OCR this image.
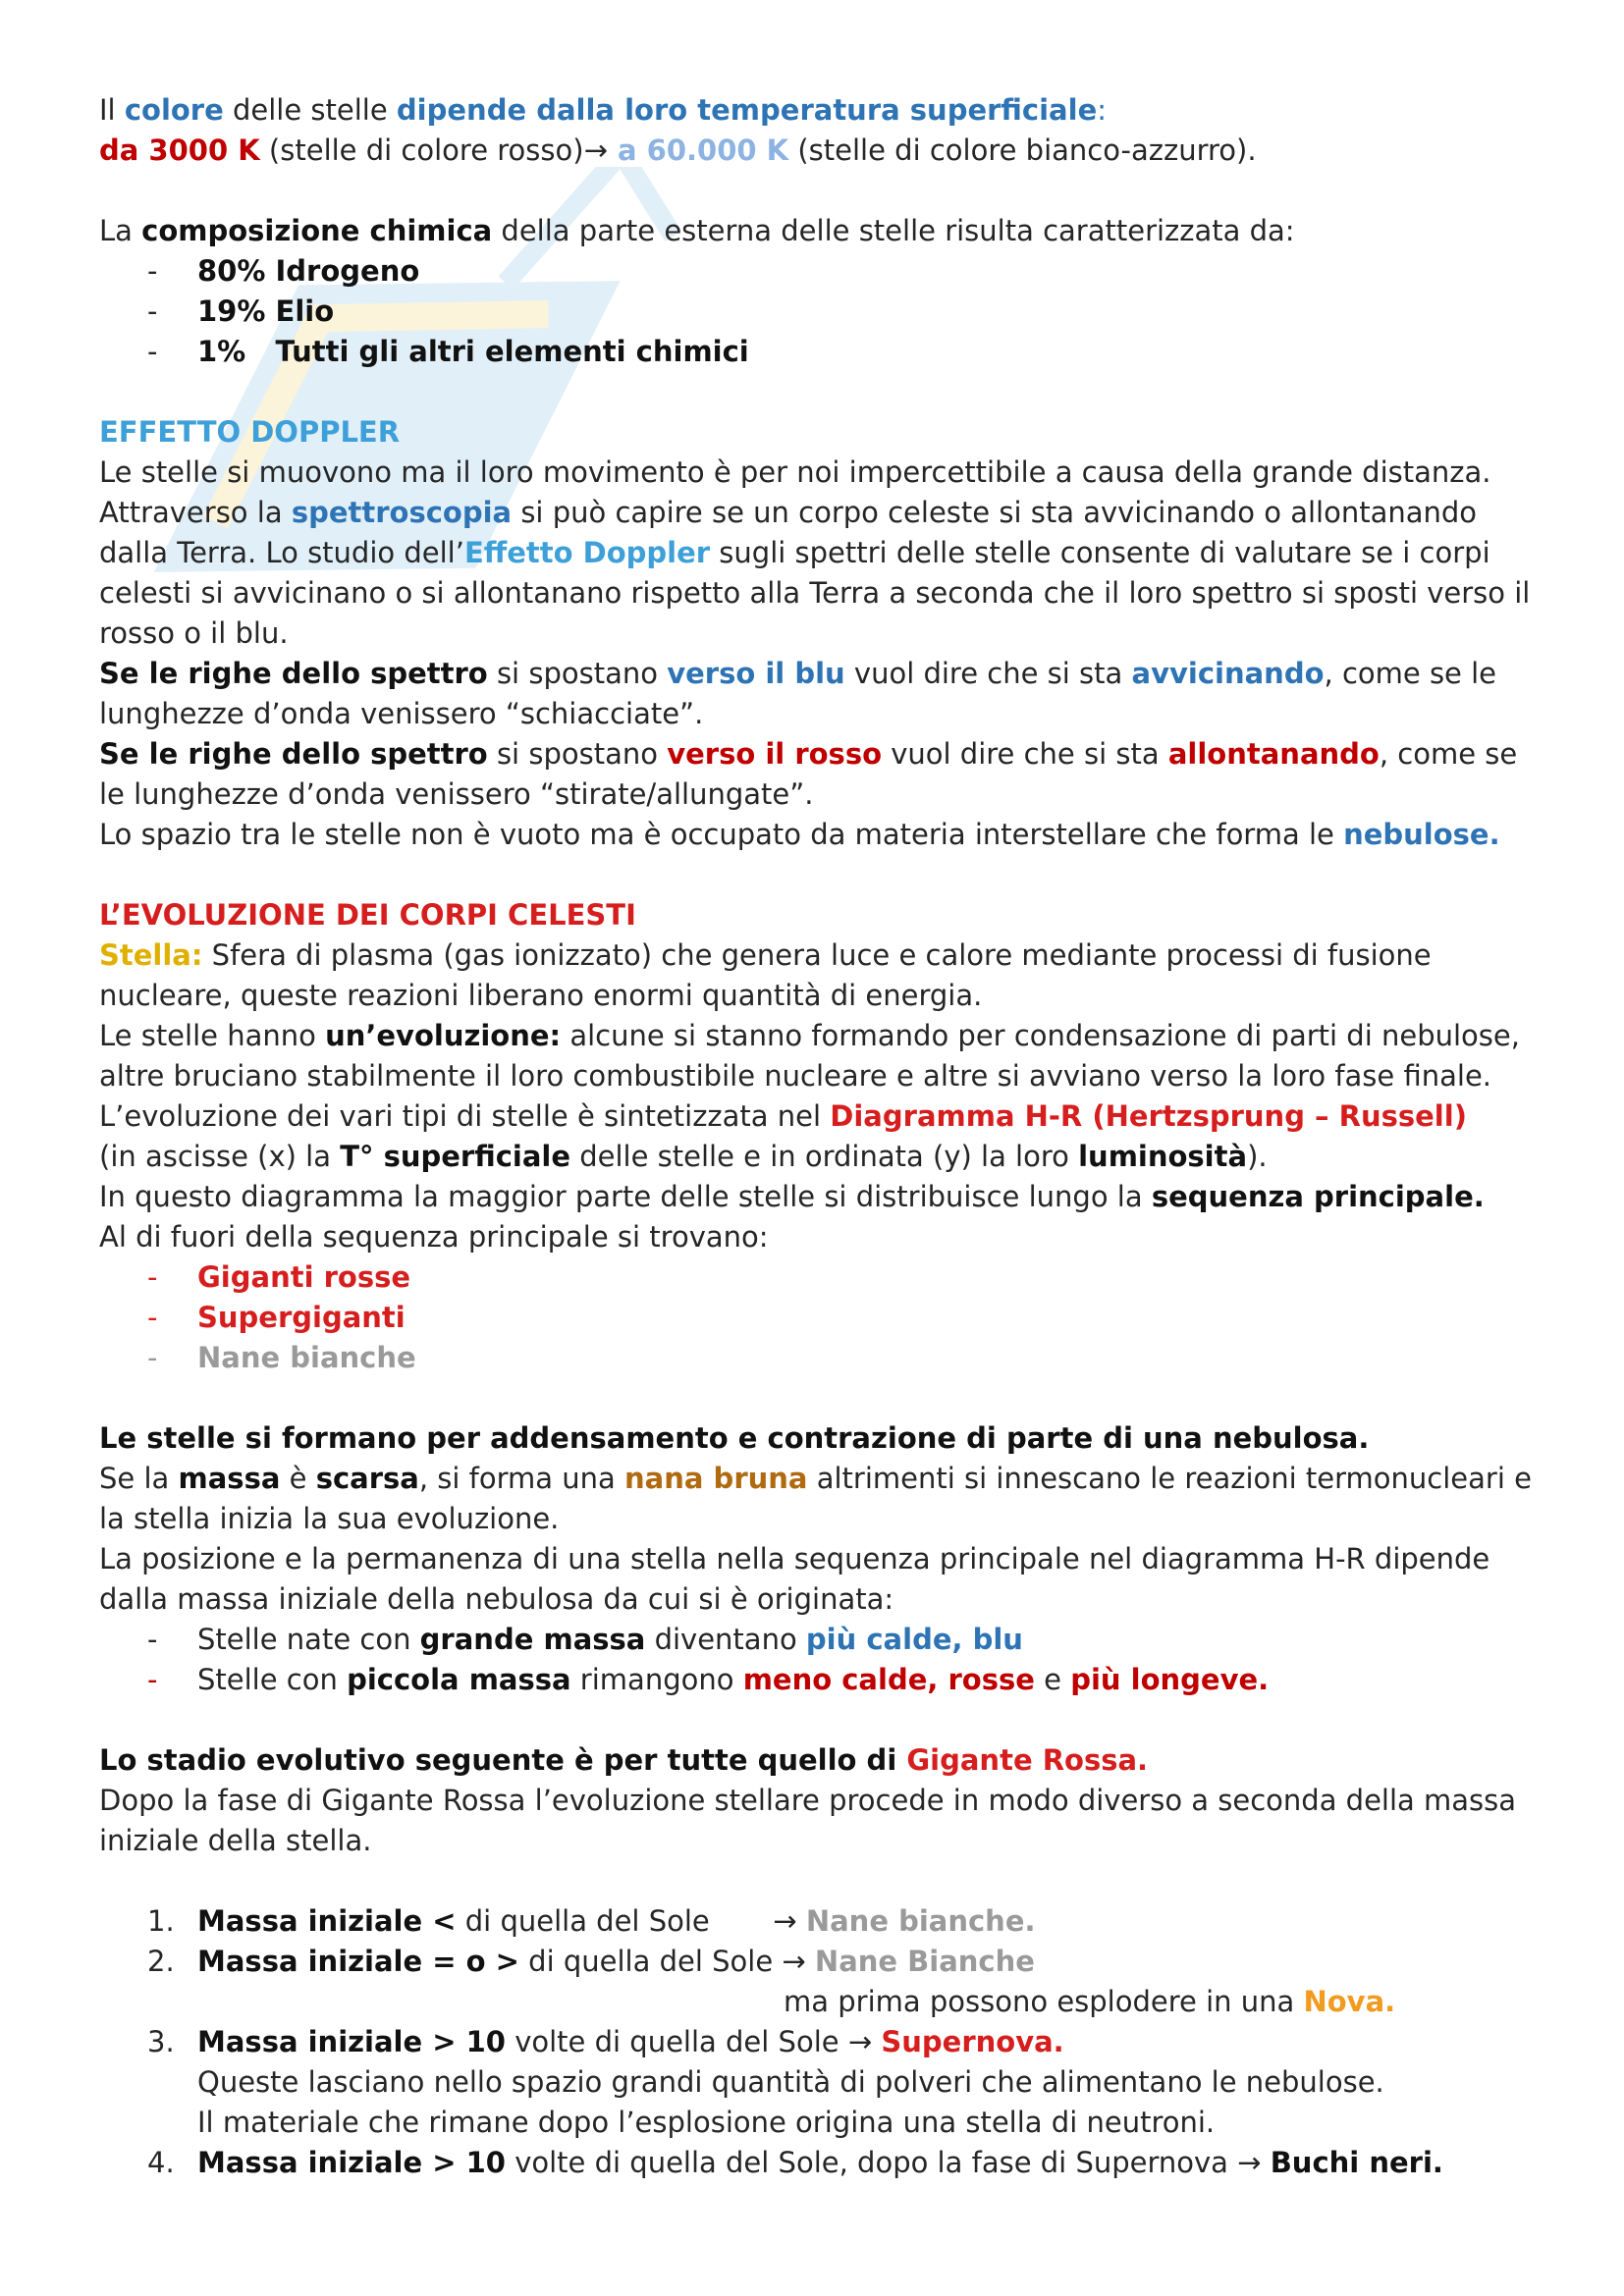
Il colore delle stelle dipende dalla loro temperatura superficiale:

da 3000 K (stelle di colore rosso)→ a 60.000 K (stelle di colore bianco-azzurro).

La composizione chimica della parte esterna delle stelle risulta caratterizzata da:

- 80% Idrogeno
- 19% Elio
- 1%   Tutti gli altri elementi chimici

EFFETTO DOPPLER

Le stelle si muovono ma il loro movimento è per noi impercettibile a causa della grande distanza.

Attraverso la spettroscopia si può capire se un corpo celeste si sta avvicinando o allontanando dalla Terra. Lo studio dell’Effetto Doppler sugli spettri delle stelle consente di valutare se i corpi celesti si avvicinano o si allontanano rispetto alla Terra a seconda che il loro spettro si sposti verso il rosso o il blu.

Se le righe dello spettro si spostano verso il blu vuol dire che si sta avvicinando, come se le lunghezze d’onda venissero “schiacciate”.

Se le righe dello spettro si spostano verso il rosso vuol dire che si sta allontanando, come se le lunghezze d’onda venissero “stirate/allungate”.

Lo spazio tra le stelle non è vuoto ma è occupato da materia interstellare che forma le nebulose.

L’EVOLUZIONE DEI CORPI CELESTI

Stella: Sfera di plasma (gas ionizzato) che genera luce e calore mediante processi di fusione nucleare, queste reazioni liberano enormi quantità di energia.

Le stelle hanno un’evoluzione: alcune si stanno formando per condensazione di parti di nebulose, altre bruciano stabilmente il loro combustibile nucleare e altre si avviano verso la loro fase finale.

L’evoluzione dei vari tipi di stelle è sintetizzata nel Diagramma H-R (Hertzsprung – Russell)

(in ascisse (x) la T° superficiale delle stelle e in ordinata (y) la loro luminosità).

In questo diagramma la maggior parte delle stelle si distribuisce lungo la sequenza principale.

Al di fuori della sequenza principale si trovano:

- Giganti rosse
- Supergiganti
- Nane bianche

Le stelle si formano per addensamento e contrazione di parte di una nebulosa.

Se la massa è scarsa, si forma una nana bruna altrimenti si innescano le reazioni termonucleari e la stella inizia la sua evoluzione.

La posizione e la permanenza di una stella nella sequenza principale nel diagramma H-R dipende dalla massa iniziale della nebulosa da cui si è originata:

- Stelle nate con grande massa diventano più calde, blu
- Stelle con piccola massa rimangono meno calde, rosse e più longeve.

Lo stadio evolutivo seguente è per tutte quello di Gigante Rossa.

Dopo la fase di Gigante Rossa l’evoluzione stellare procede in modo diverso a seconda della massa iniziale della stella.

1. Massa iniziale < di quella del Sole       → Nane bianche.
2. Massa iniziale = o > di quella del Sole → Nane Bianche
ma prima possono esplodere in una Nova.
3. Massa iniziale > 10 volte di quella del Sole → Supernova.
Queste lasciano nello spazio grandi quantità di polveri che alimentano le nebulose.
Il materiale che rimane dopo l’esplosione origina una stella di neutroni.
4. Massa iniziale > 10 volte di quella del Sole, dopo la fase di Supernova → Buchi neri.
